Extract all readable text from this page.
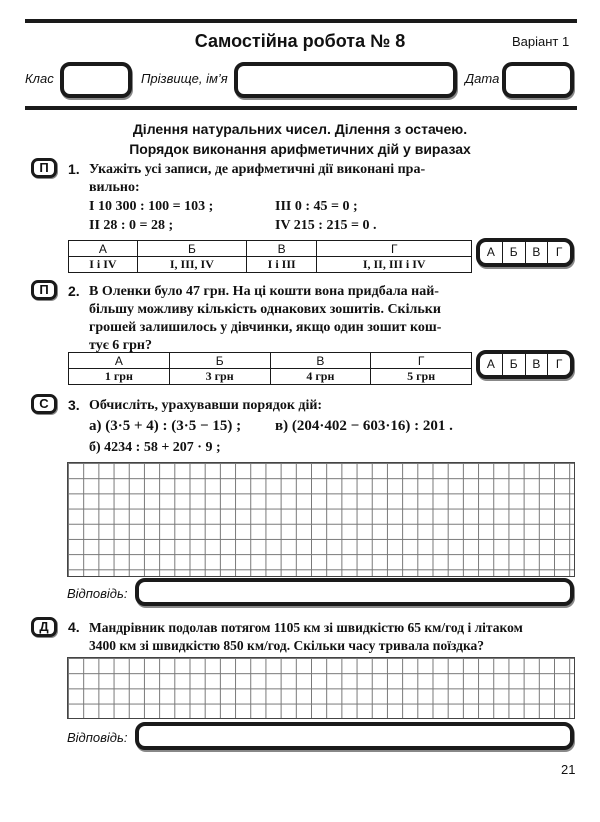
Самостійна робота № 8	Варіант 1
Клас	Прізвище, ім’я	Дата
Ділення натуральних чисел. Ділення з остачею.
Порядок виконання арифметичних дій у виразах
П	1. Укажіть усі записи, де арифметичні дії виконані пра-
вильно:
I 10 300 : 100 = 103 ;	III 0 : 45 = 0 ;
II 28 : 0 = 28 ;	IV 215 : 215 = 0 .
А	Б	В	Г
I i IV	I, III, IV	I i III	I, II, III i IV
А	Б	В	Г
П	2. В Оленки було 47 грн. На ці кошти вона придбала най-
більшу можливу кількість однакових зошитів. Скільки
грошей залишилось у дівчинки, якщо один зошит кош-
тує 6 грн?
А	Б	В	Г
1 грн	3 грн	4 грн	5 грн
А	Б	В	Г
С	3. Обчисліть, урахувавши порядок дій:
а) (3·5 + 4) : (3·5 − 15) ; в) (204·402 − 603·16) : 201 .
б) 4234 : 58 + 207 · 9 ;
Відповідь:
Д	4. Мандрівник подолав потягом 1105 км зі швидкістю 65 км/год і літаком
3400 км зі швидкістю 850 км/год. Скільки часу тривала поїздка?
Відповідь:
21
